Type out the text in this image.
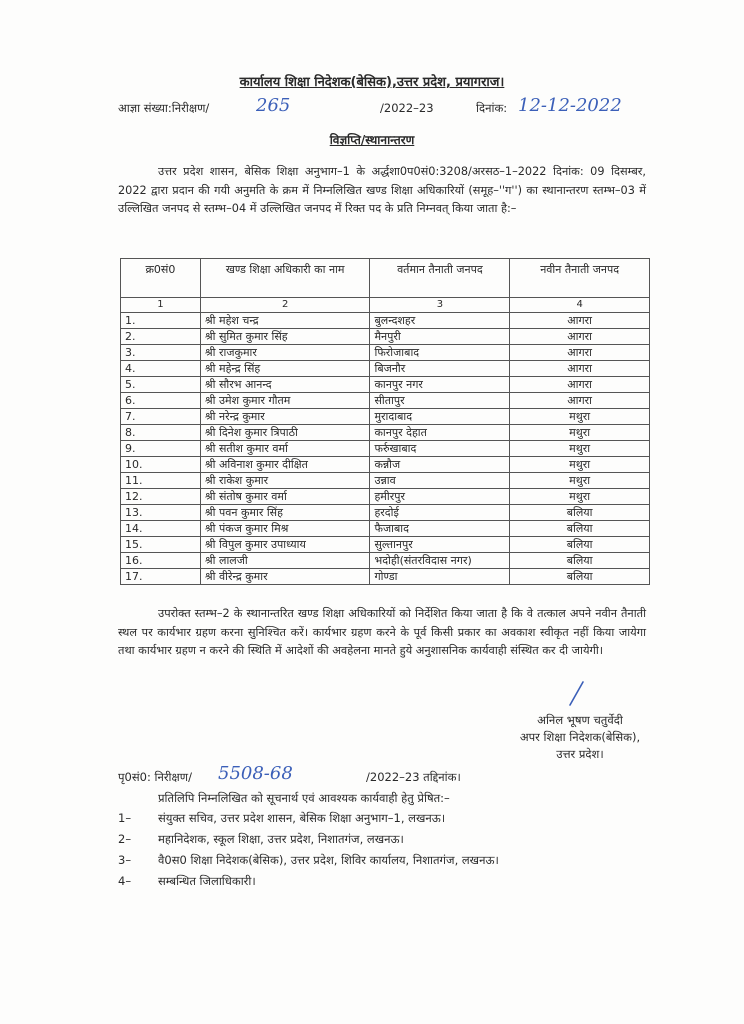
कार्यालय शिक्षा निदेशक(बेसिक),उत्तर प्रदेश, प्रयागराज।
आज्ञा संख्या:निरीक्षण/	265	/2022–23	दिनांक: 12-12-2022
विज्ञप्ति/स्थानान्तरण
उत्तर प्रदेश शासन, बेसिक शिक्षा अनुभाग–1 के अर्द्धशा0प0सं0:3208/अरसठ–1–2022 दिनांक: 09 दिसम्बर, 2022 द्वारा प्रदान की गयी अनुमति के क्रम में निम्नलिखित खण्ड शिक्षा अधिकारियों (समूह–''ग'') का स्थानान्तरण स्तम्भ–03 में उल्लिखित जनपद से स्तम्भ–04 में उल्लिखित जनपद में रिक्त पद के प्रति निम्नवत् किया जाता है:–
क्र0सं0	खण्ड शिक्षा अधिकारी का नाम	वर्तमान तैनाती जनपद	नवीन तैनाती जनपद
1	2	3	4
1.	श्री महेश चन्द्र	बुलन्दशहर	आगरा
2.	श्री सुमित कुमार सिंह	मैनपुरी	आगरा
3.	श्री राजकुमार	फिरोजाबाद	आगरा
4.	श्री महेन्द्र सिंह	बिजनौर	आगरा
5.	श्री सौरभ आनन्द	कानपुर नगर	आगरा
6.	श्री उमेश कुमार गौतम	सीतापुर	आगरा
7.	श्री नरेन्द्र कुमार	मुरादाबाद	मथुरा
8.	श्री दिनेश कुमार त्रिपाठी	कानपुर देहात	मथुरा
9.	श्री सतीश कुमार वर्मा	फर्रुखाबाद	मथुरा
10.	श्री अविनाश कुमार दीक्षित	कन्नौज	मथुरा
11.	श्री राकेश कुमार	उन्नाव	मथुरा
12.	श्री संतोष कुमार वर्मा	हमीरपुर	मथुरा
13.	श्री पवन कुमार सिंह	हरदोई	बलिया
14.	श्री पंकज कुमार मिश्र	फैजाबाद	बलिया
15.	श्री विपुल कुमार उपाध्याय	सुल्तानपुर	बलिया
16.	श्री लालजी	भदोही(संतरविदास नगर)	बलिया
17.	श्री वीरेन्द्र कुमार	गोण्डा	बलिया
उपरोक्त स्तम्भ–2 के स्थानान्तरित खण्ड शिक्षा अधिकारियों को निर्देशित किया जाता है कि वे तत्काल अपने नवीन तैनाती स्थल पर कार्यभार ग्रहण करना सुनिश्चित करें। कार्यभार ग्रहण करने के पूर्व किसी प्रकार का अवकाश स्वीकृत नहीं किया जायेगा तथा कार्यभार ग्रहण न करने की स्थिति में आदेशों की अवहेलना मानते हुये अनुशासनिक कार्यवाही संस्थित कर दी जायेगी।
अनिल भूषण चतुर्वेदी
अपर शिक्षा निदेशक(बेसिक),
उत्तर प्रदेश।
पृ0सं0: निरीक्षण/ 5508-68	/2022–23 तद्दिनांक।
प्रतिलिपि निम्नलिखित को सूचनार्थ एवं आवश्यक कार्यवाही हेतु प्रेषित:–
1– संयुक्त सचिव, उत्तर प्रदेश शासन, बेसिक शिक्षा अनुभाग–1, लखनऊ।
2– महानिदेशक, स्कूल शिक्षा, उत्तर प्रदेश, निशातगंज, लखनऊ।
3– वै0स0 शिक्षा निदेशक(बेसिक), उत्तर प्रदेश, शिविर कार्यालय, निशातगंज, लखनऊ।
4– सम्बन्धित जिलाधिकारी।
